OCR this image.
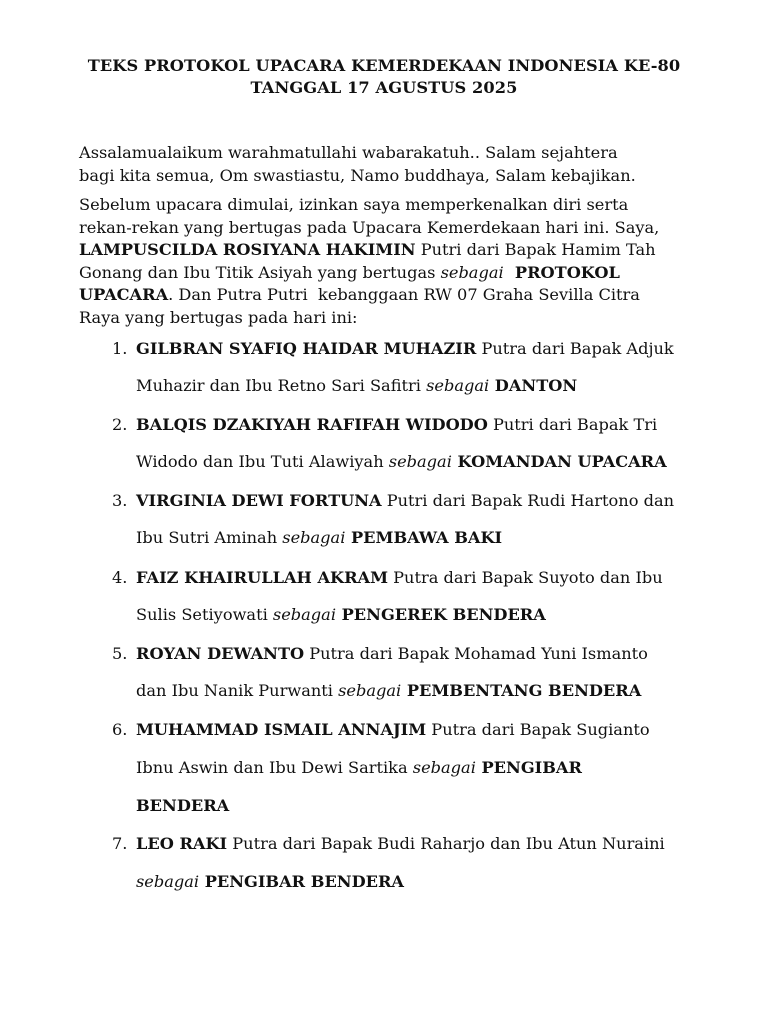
TEKS PROTOKOL UPACARA KEMERDEKAAN INDONESIA KE-80
TANGGAL 17 AGUSTUS 2025
Assalamualaikum warahmatullahi wabarakatuh.. Salam sejahtera
bagi kita semua, Om swastiastu, Namo buddhaya, Salam kebajikan.
Sebelum upacara dimulai, izinkan saya memperkenalkan diri serta
rekan-rekan yang bertugas pada Upacara Kemerdekaan hari ini. Saya,
LAMPUSCILDA ROSIYANA HAKIMIN Putri dari Bapak Hamim Tah
Gonang dan Ibu Titik Asiyah yang bertugas sebagai  PROTOKOL
UPACARA. Dan Putra Putri  kebanggaan RW 07 Graha Sevilla Citra
Raya yang bertugas pada hari ini:
1. GILBRAN SYAFIQ HAIDAR MUHAZIR Putra dari Bapak Adjuk
Muhazir dan Ibu Retno Sari Safitri sebagai DANTON
2. BALQIS DZAKIYAH RAFIFAH WIDODO Putri dari Bapak Tri
Widodo dan Ibu Tuti Alawiyah sebagai KOMANDAN UPACARA
3. VIRGINIA DEWI FORTUNA Putri dari Bapak Rudi Hartono dan
Ibu Sutri Aminah sebagai PEMBAWA BAKI
4. FAIZ KHAIRULLAH AKRAM Putra dari Bapak Suyoto dan Ibu
Sulis Setiyowati sebagai PENGEREK BENDERA
5. ROYAN DEWANTO Putra dari Bapak Mohamad Yuni Ismanto
dan Ibu Nanik Purwanti sebagai PEMBENTANG BENDERA
6. MUHAMMAD ISMAIL ANNAJIM Putra dari Bapak Sugianto
Ibnu Aswin dan Ibu Dewi Sartika sebagai PENGIBAR
BENDERA
7. LEO RAKI Putra dari Bapak Budi Raharjo dan Ibu Atun Nuraini
sebagai PENGIBAR BENDERA
